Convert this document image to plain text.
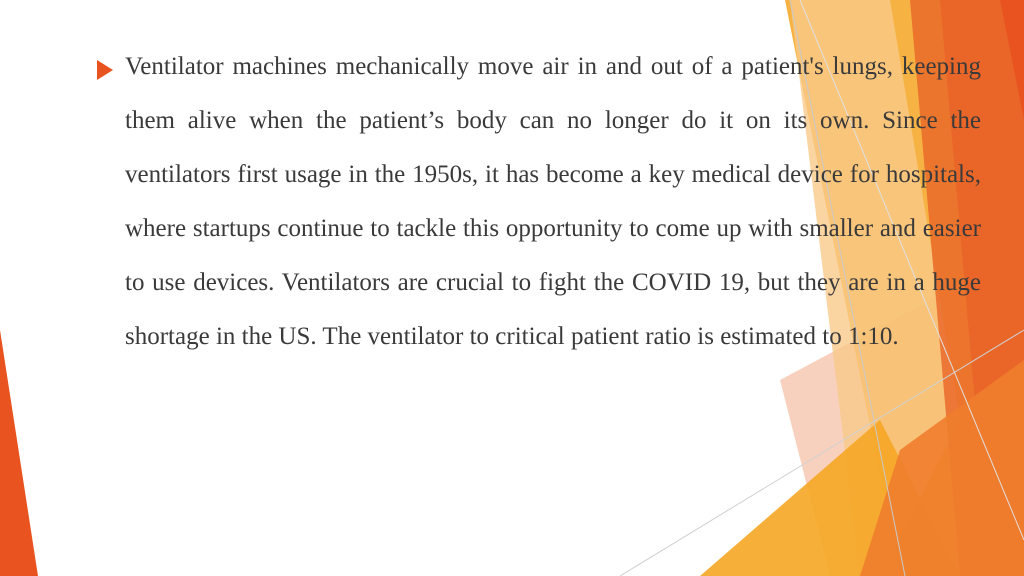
Ventilator machines mechanically move air in and out of a patient's lungs, keeping them alive when the patient’s body can no longer do it on its own. Since the ventilators first usage in the 1950s, it has become a key medical device for hospitals, where startups continue to tackle this opportunity to come up with smaller and easier to use devices. Ventilators are crucial to fight the COVID 19, but they are in a huge shortage in the US. The ventilator to critical patient ratio is estimated to 1:10.
